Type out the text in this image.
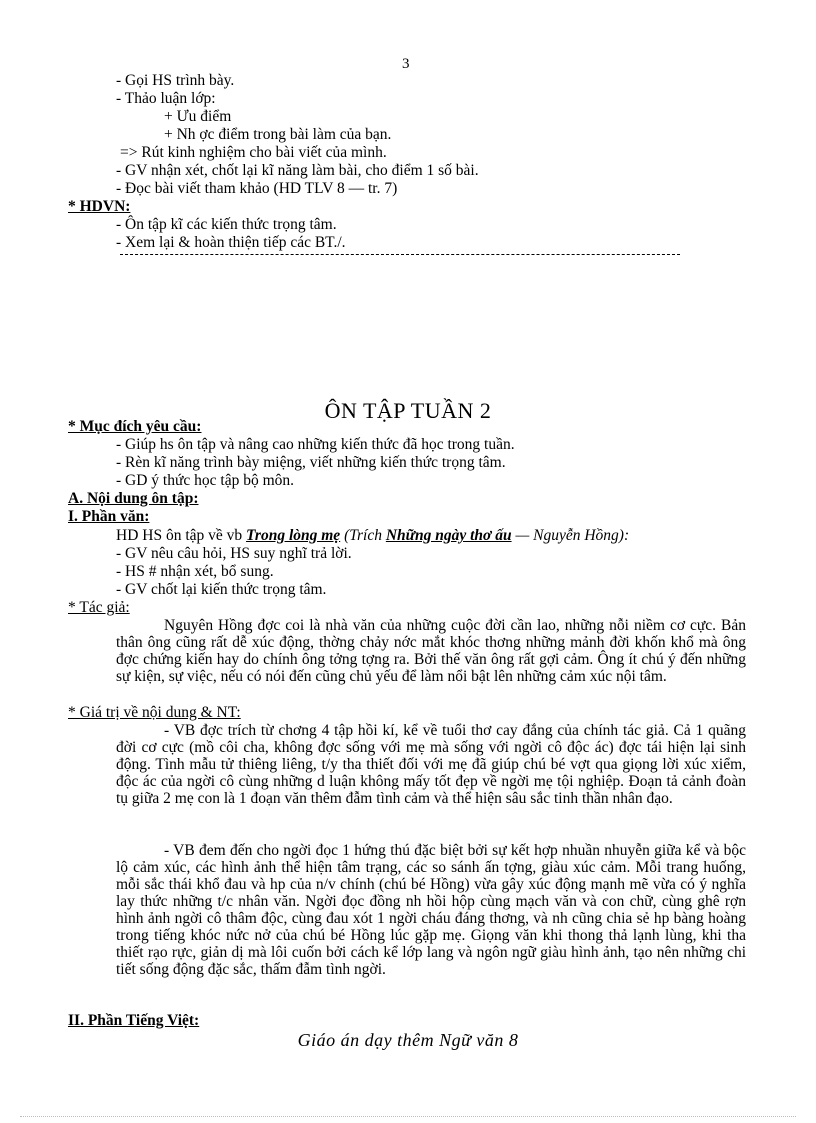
3
- Gọi HS trình bày.
- Thảo luận lớp:
+ Ưu điểm
+ Nh ợc điểm trong bài làm của bạn.
=> Rút kinh nghiệm cho bài viết của mình.
- GV nhận xét, chốt lại kĩ năng làm bài, cho điểm 1 số bài.
- Đọc bài viết tham khảo (HD TLV 8 — tr. 7)
* HDVN:
- Ôn tập kĩ các kiến thức trọng tâm.
- Xem lại & hoàn thiện tiếp các BT./.
ÔN TẬP TUẦN 2
* Mục đích yêu cầu:
- Giúp hs ôn tập và nâng cao những kiến thức đã học trong tuần.
- Rèn kĩ năng trình bày miệng, viết những kiến thức trọng tâm.
- GD ý thức học tập bộ môn.
A. Nội dung ôn tập:
I. Phần văn:
HD HS ôn tập về vb Trong lòng mẹ (Trích Những ngày thơ ấu — Nguyễn Hồng):
- GV nêu câu hỏi, HS suy nghĩ trả lời.
- HS # nhận xét, bổ sung.
- GV chốt lại kiến thức trọng tâm.
* Tác giả:
Nguyên Hồng đợc coi là nhà văn của những cuộc đời cần lao, những nỗi niềm cơ cực. Bản thân ông cũng rất dễ xúc động, thờng chảy nớc mắt khóc thơng những mảnh đời khốn khổ mà ông đợc chứng kiến hay do chính ông tởng tợng ra. Bởi thế văn ông rất gợi cảm. Ông ít chú ý đến những sự kiện, sự việc, nếu có nói đến cũng chủ yếu để làm nổi bật lên những cảm xúc nội tâm.
* Giá trị về nội dung & NT:
- VB đợc trích từ chơng 4 tập hồi kí, kể về tuổi thơ cay đắng của chính tác giả. Cả 1 quãng đời cơ cực (mồ côi cha, không đợc sống với mẹ mà sống với ngời cô độc ác) đợc tái hiện lại sinh động. Tình mẫu tử thiêng liêng, t/y tha thiết đối với mẹ đã giúp chú bé vợt qua giọng lời xúc xiểm, độc ác của ngời cô cùng những d luận không mấy tốt đẹp về ngời mẹ tội nghiệp. Đoạn tả cảnh đoàn tụ giữa 2 mẹ con là 1 đoạn văn thêm đẫm tình cảm và thể hiện sâu sắc tinh thần nhân đạo.
- VB đem đến cho ngời đọc 1 hứng thú đặc biệt bởi sự kết hợp nhuần nhuyễn giữa kể và bộc lộ cảm xúc, các hình ảnh thể hiện tâm trạng, các so sánh ấn tợng, giàu xúc cảm. Mỗi trang huống, mỗi sắc thái khổ đau và hp của n/v chính (chú bé Hồng) vừa gây xúc động mạnh mẽ vừa có ý nghĩa lay thức những t/c nhân văn. Ngời đọc đồng nh hồi hộp cùng mạch văn và con chữ, cùng ghê rợn hình ảnh ngời cô thâm độc, cùng đau xót 1 ngời cháu đáng thơng, và nh cũng chia sẻ hp bàng hoàng trong tiếng khóc nức nở của chú bé Hồng lúc gặp mẹ. Giọng văn khi thong thả lạnh lùng, khi tha thiết rạo rực, giản dị mà lôi cuốn bởi cách kể lớp lang và ngôn ngữ giàu hình ảnh, tạo nên những chi tiết sống động đặc sắc, thấm đẫm tình ngời.
II. Phần Tiếng Việt:
Giáo án dạy thêm Ngữ văn 8
